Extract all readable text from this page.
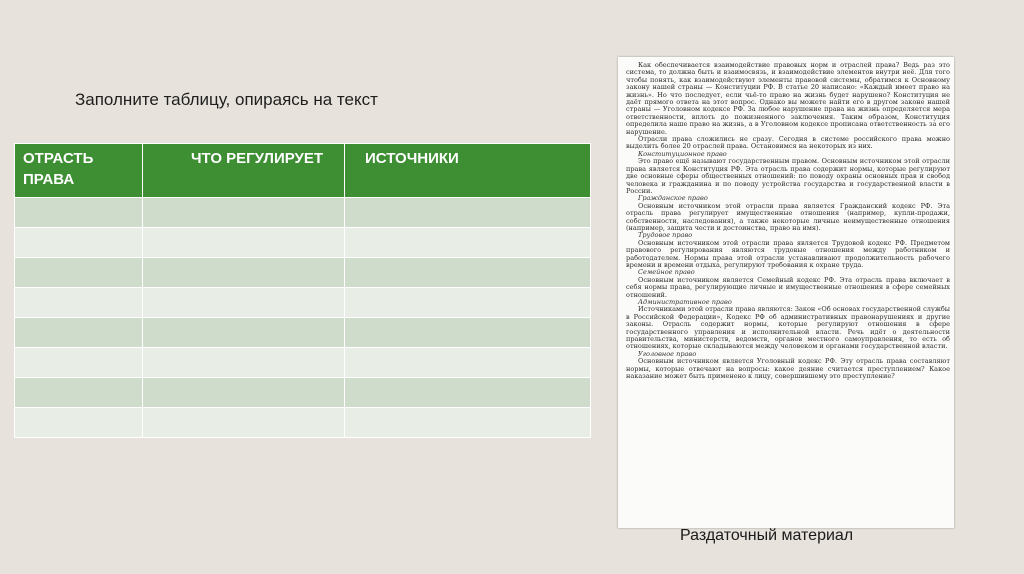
Заполните таблицу, опираясь на текст
ОТРАСТЬ ПРАВА	ЧТО РЕГУЛИРУЕТ	ИСТОЧНИКИ

Как обеспечивается взаимодействие правовых норм и отраслей права? Ведь раз это система, то должна быть и взаимосвязь, и взаимодействие элементов внутри неё. Для того чтобы понять, как взаимодействуют элементы правовой системы, обратимся к Основному закону нашей страны — Конституции РФ. В статье 20 написано: «Каждый имеет право на жизнь». Но что последует, если чьё-то право на жизнь будет нарушено? Конституция не даёт прямого ответа на этот вопрос. Однако вы можете найти его в другом законе нашей страны — Уголовном кодексе РФ. За любое нарушение права на жизнь определяется мера ответственности, вплоть до пожизненного заключения. Таким образом, Конституция определила наше право на жизнь, а в Уголовном кодексе прописана ответственность за его нарушение.

Отрасли права сложились не сразу. Сегодня в системе российского права можно выделить более 20 отраслей права. Остановимся на некоторых из них.

Конституционное право

Это право ещё называют государственным правом. Основным источником этой отрасли права является Конституция РФ. Эта отрасль права содержит нормы, которые регулируют две основные сферы общественных отношений: по поводу охраны основных прав и свобод человека и гражданина и по поводу устройства государства и государственной власти в России.

Гражданское право

Основным источником этой отрасли права является Гражданский кодекс РФ. Эта отрасль права регулирует имущественные отношения (например, купли-продажи, собственности, наследования), а также некоторые личные неимущественные отношения (например, защита чести и достоинства, право на имя).

Трудовое право

Основным источником этой отрасли права является Трудовой кодекс РФ. Предметом правового регулирования являются трудовые отношения между работником и работодателем. Нормы права этой отрасли устанавливают продолжительность рабочего времени и времени отдыха, регулируют требования к охране труда.

Семейное право

Основным источником является Семейный кодекс РФ. Эта отрасль права включает в себя нормы права, регулирующие личные и имущественные отношения в сфере семейных отношений.

Административное право

Источниками этой отрасли права являются: Закон «Об основах государственной службы в Российской Федерации», Кодекс РФ об административных правонарушениях и другие законы. Отрасль содержит нормы, которые регулируют отношения в сфере государственного управления и исполнительной власти. Речь идёт о деятельности правительства, министерств, ведомств, органов местного самоуправления, то есть об отношениях, которые складываются между человеком и органами государственной власти.

Уголовное право

Основным источником является Уголовный кодекс РФ. Эту отрасль права составляют нормы, которые отвечают на вопросы: какое деяние считается преступлением? Какое наказание может быть применено к лицу, совершившему это преступление?

Раздаточный материал
